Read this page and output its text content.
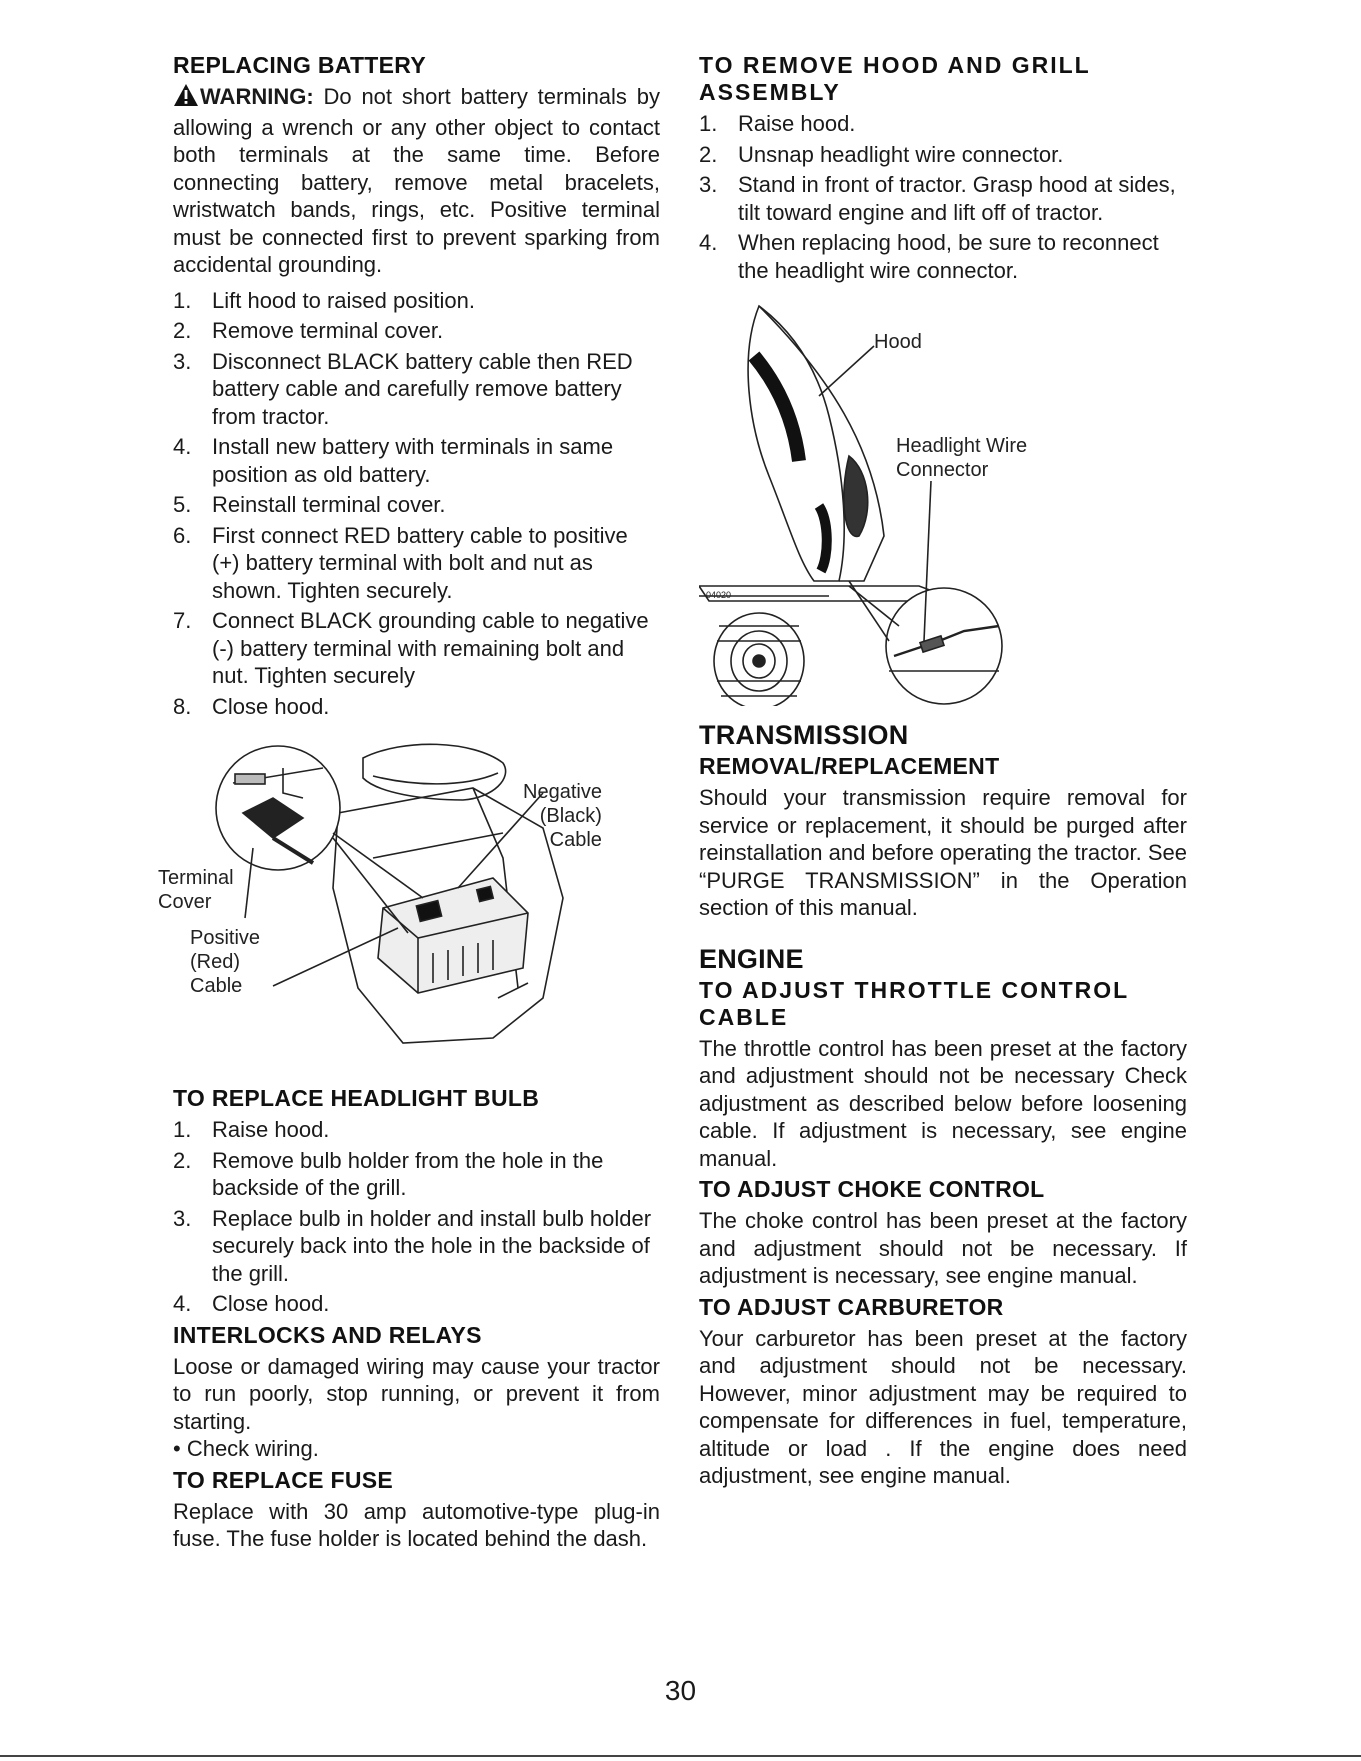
REPLACING BATTERY

WARNING: Do not short battery terminals by allowing a wrench or any other object to contact both terminals at the same time. Before connecting battery, remove metal bracelets, wristwatch bands, rings, etc. Positive terminal must be connected first to prevent sparking from accidental grounding.

1. Lift hood to raised position.
2. Remove terminal cover.
3. Disconnect BLACK battery cable then RED battery cable and carefully remove battery from tractor.
4. Install new battery with terminals in same position as old battery.
5. Reinstall terminal cover.
6. First connect RED battery cable to positive (+) battery terminal with bolt and nut as shown. Tighten securely.
7. Connect BLACK grounding cable to negative (-) battery terminal with remaining bolt and nut. Tighten securely
8. Close hood.
Negative
(Black)
Cable
Terminal
Cover
Positive
(Red)
Cable
TO REPLACE HEADLIGHT BULB
1. Raise hood.
2. Remove bulb holder from the hole in the backside of the grill.
3. Replace bulb in holder and install bulb holder securely back into the hole in the backside of the grill.
4. Close hood.
INTERLOCKS AND RELAYS

Loose or damaged wiring may cause your tractor to run poorly, stop running, or prevent it from starting.

• Check wiring.

TO REPLACE FUSE

Replace with 30 amp automotive-type plug-in fuse. The fuse holder is located behind the dash.

TO REMOVE HOOD AND GRILL ASSEMBLY
1. Raise hood.
2. Unsnap headlight wire connector.
3. Stand in front of tractor. Grasp hood at sides, tilt toward engine and lift off of tractor.
4. When replacing hood, be sure to reconnect the headlight wire connector.
04020
Hood
Headlight Wire
Connector
TRANSMISSION
REMOVAL/REPLACEMENT

Should your transmission require removal for service or replacement, it should be purged after reinstallation and before operating the tractor. See “PURGE TRANSMISSION” in the Operation section of this manual.

ENGINE
TO ADJUST THROTTLE CONTROL CABLE

The throttle control has been preset at the factory and adjustment should not be necessary Check adjustment as described below before loosening cable. If adjustment is necessary, see engine manual.

TO ADJUST CHOKE CONTROL

The choke control has been preset at the factory and adjustment should not be necessary. If adjustment is necessary, see engine manual.

TO ADJUST CARBURETOR

Your carburetor has been preset at the factory and adjustment should not be necessary. However, minor adjustment may be required to compensate for differences in fuel, temperature, altitude or load . If the engine does need adjustment, see engine manual.

30
